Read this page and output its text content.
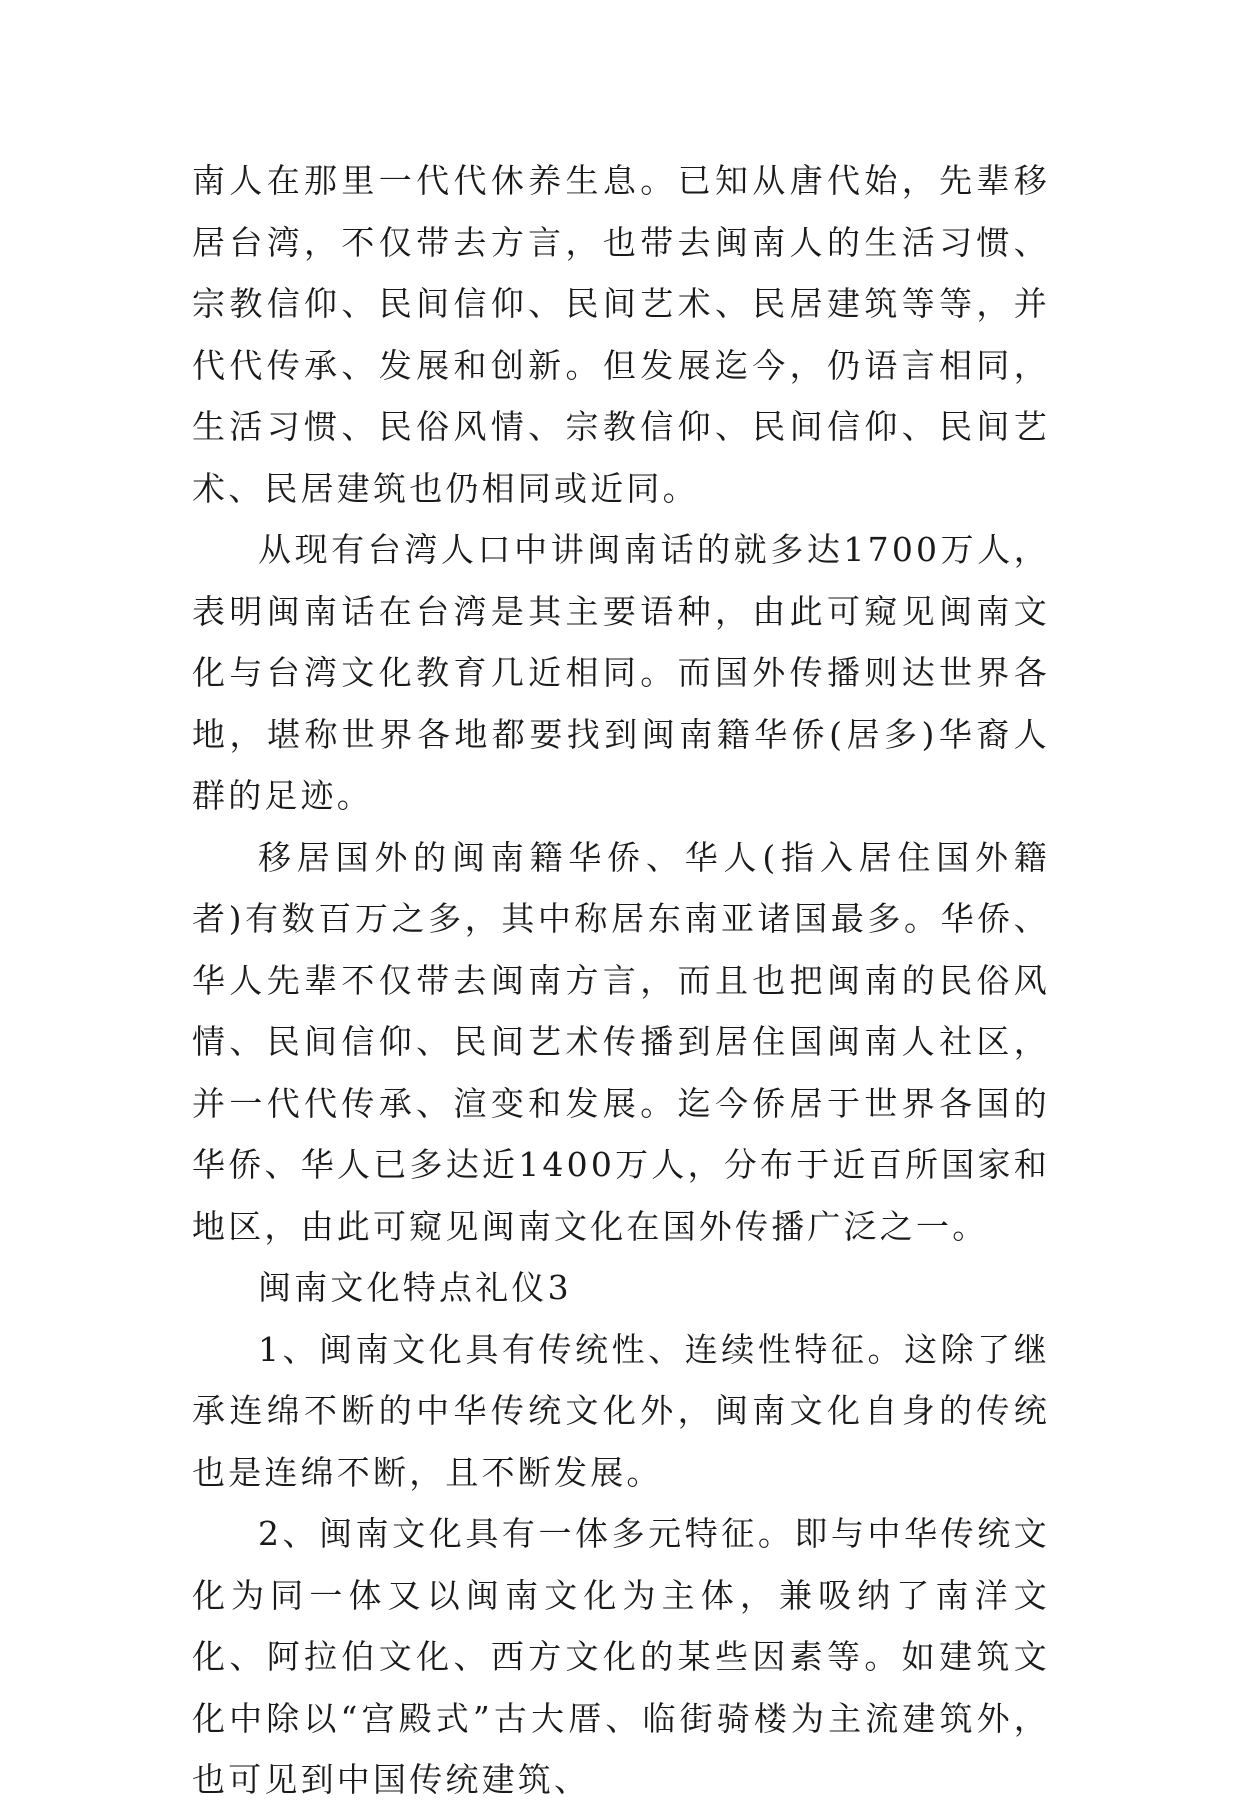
南人在那里一代代休养生息。已知从唐代始，先辈移居台湾，不仅带去方言，也带去闽南人的生活习惯、宗教信仰、民间信仰、民间艺术、民居建筑等等，并代代传承、发展和创新。但发展迄今，仍语言相同，生活习惯、民俗风情、宗教信仰、民间信仰、民间艺术、民居建筑也仍相同或近同。

从现有台湾人口中讲闽南话的就多达1700万人，表明闽南话在台湾是其主要语种，由此可窥见闽南文化与台湾文化教育几近相同。而国外传播则达世界各地，堪称世界各地都要找到闽南籍华侨(居多)华裔人群的足迹。

移居国外的闽南籍华侨、华人(指入居住国外籍者)有数百万之多，其中称居东南亚诸国最多。华侨、华人先辈不仅带去闽南方言，而且也把闽南的民俗风情、民间信仰、民间艺术传播到居住国闽南人社区，并一代代传承、渲变和发展。迄今侨居于世界各国的华侨、华人已多达近1400万人，分布于近百所国家和地区，由此可窥见闽南文化在国外传播广泛之一。

闽南文化特点礼仪3

1、闽南文化具有传统性、连续性特征。这除了继承连绵不断的中华传统文化外，闽南文化自身的传统也是连绵不断，且不断发展。

2、闽南文化具有一体多元特征。即与中华传统文化为同一体又以闽南文化为主体，兼吸纳了南洋文化、阿拉伯文化、西方文化的某些因素等。如建筑文化中除以“宫殿式”古大厝、临街骑楼为主流建筑外，也可见到中国传统建筑、
